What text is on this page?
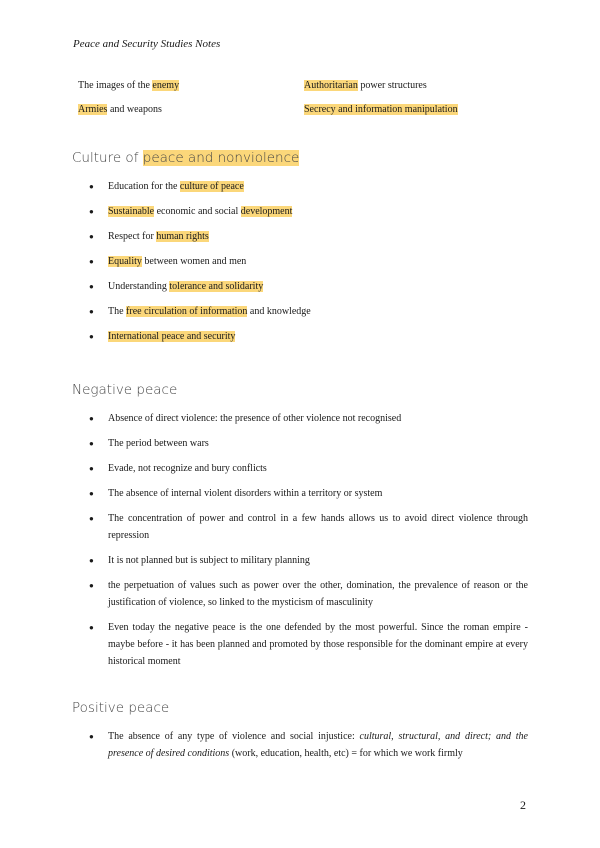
Peace and Security Studies Notes
The images of the enemy	Authoritarian power structures
Armies and weapons	Secrecy and information manipulation
Culture of peace and nonviolence
● Education for the culture of peace
● Sustainable economic and social development
● Respect for human rights
● Equality between women and men
● Understanding tolerance and solidarity
● The free circulation of information and knowledge
● International peace and security
Negative peace
● Absence of direct violence: the presence of other violence not recognised
● The period between wars
● Evade, not recognize and bury conflicts
● The absence of internal violent disorders within a territory or system
● The concentration of power and control in a few hands allows us to avoid direct violence through repression
● It is not planned but is subject to military planning
● the perpetuation of values such as power over the other, domination, the prevalence of reason or the justification of violence, so linked to the mysticism of masculinity
● Even today the negative peace is the one defended by the most powerful. Since the roman empire - maybe before - it has been planned and promoted by those responsible for the dominant empire at every historical moment
Positive peace
● The absence of any type of violence and social injustice: cultural, structural, and direct; and the presence of desired conditions (work, education, health, etc) = for which we work firmly
2
